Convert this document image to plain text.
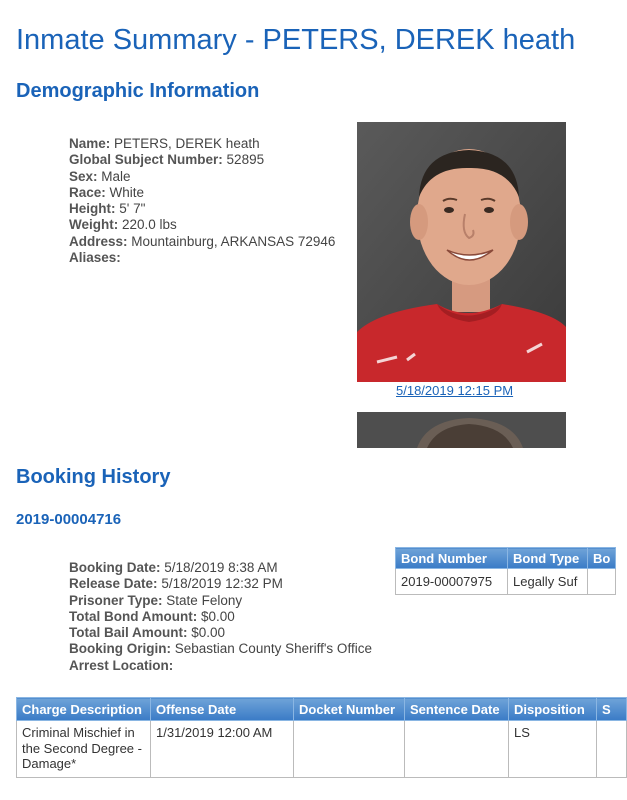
Inmate Summary - PETERS, DEREK heath
Demographic Information
Name: PETERS, DEREK heath
Global Subject Number: 52895
Sex: Male
Race: White
Height: 5' 7"
Weight: 220.0 lbs
Address: Mountainburg, ARKANSAS 72946
Aliases:
5/18/2019 12:15 PM
Booking History
2019-00004716
Bond Number	Bond Type	Bo
2019-00007975	Legally Suf	
Booking Date: 5/18/2019 8:38 AM
Release Date: 5/18/2019 12:32 PM
Prisoner Type: State Felony
Total Bond Amount: $0.00
Total Bail Amount: $0.00
Booking Origin: Sebastian County Sheriff's Office
Arrest Location:
Charge Description	Offense Date	Docket Number	Sentence Date	Disposition	S
Criminal Mischief in the Second Degree - Damage*	1/31/2019 12:00 AM			LS	
